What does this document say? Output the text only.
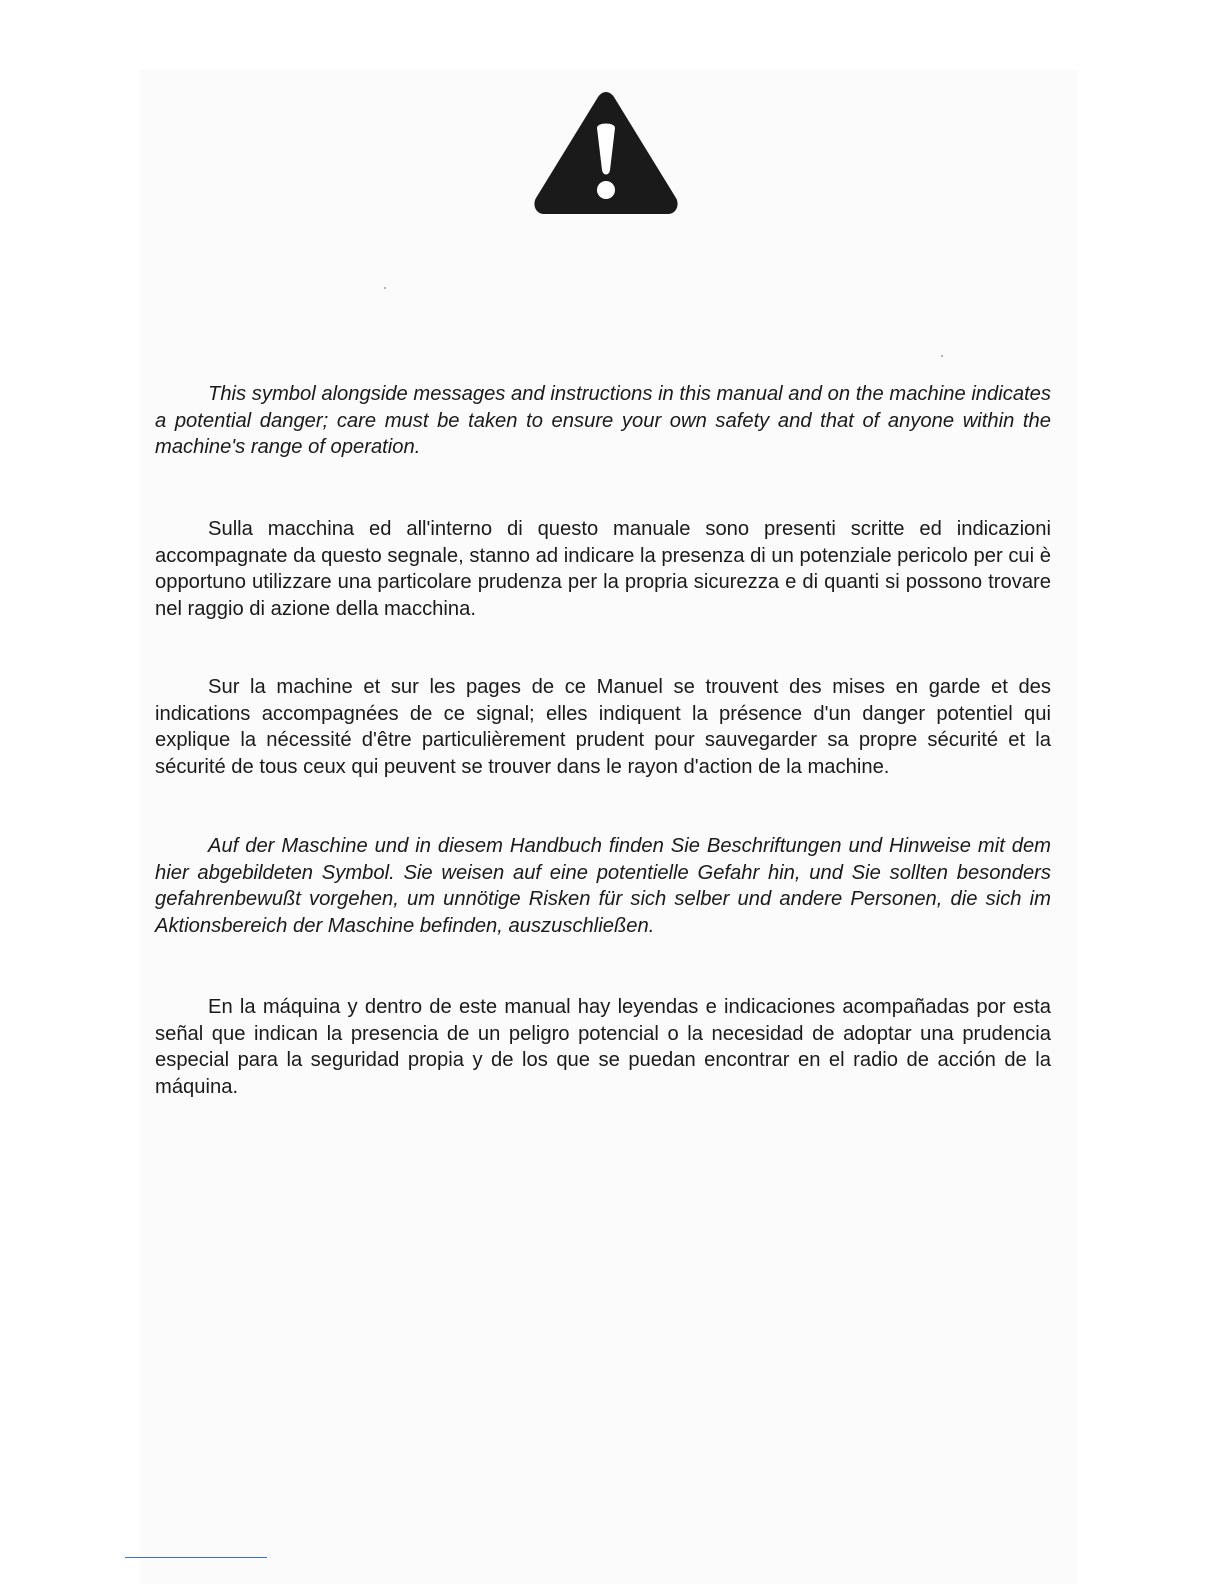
This symbol alongside messages and instructions in this manual and on the machine indicates a potential danger; care must be taken to ensure your own safety and that of anyone within the machine's range of operation.

Sulla macchina ed all'interno di questo manuale sono presenti scritte ed indicazioni accompagnate da questo segnale, stanno ad indicare la presenza di un potenziale pericolo per cui è opportuno utilizzare una particolare prudenza per la propria sicurezza e di quanti si possono trovare nel raggio di azione della macchina.

Sur la machine et sur les pages de ce Manuel se trouvent des mises en garde et des indications accompagnées de ce signal; elles indiquent la présence d'un danger potentiel qui explique la nécessité d'être particulièrement prudent pour sauvegarder sa propre sécurité et la sécurité de tous ceux qui peuvent se trouver dans le rayon d'action de la machine.

Auf der Maschine und in diesem Handbuch finden Sie Beschriftungen und Hinweise mit dem hier abgebildeten Symbol. Sie weisen auf eine potentielle Gefahr hin, und Sie sollten besonders gefahrenbewußt vorgehen, um unnötige Risken für sich selber und andere Personen, die sich im Aktionsbereich der Maschine befinden, auszuschließen.

En la máquina y dentro de este manual hay leyendas e indicaciones acompañadas por esta señal que indican la presencia de un peligro potencial o la necesidad de adoptar una prudencia especial para la seguridad propia y de los que se puedan encontrar en el radio de acción de la máquina.
